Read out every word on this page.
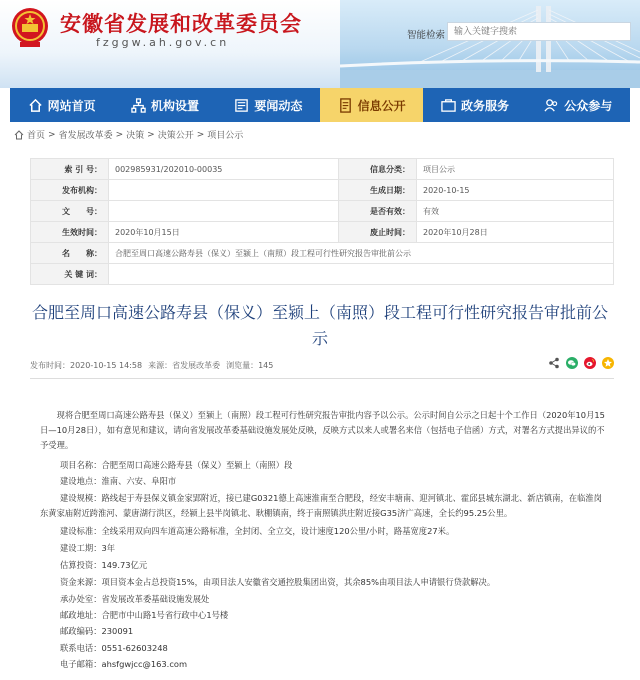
安徽省发展和改革委员会
fzggw.ah.gov.cn
智能检索
输入关键字搜索
网站首页	机构设置	要闻动态	信息公开	政务服务	公众参与
首页 > 省发展改革委 > 决策 > 决策公开 > 项目公示
索 引 号：	002985931/202010-00035	信息分类：	项目公示
发布机构：		生成日期：	2020-10-15
文　　号：		是否有效：	有效
生效时间：	2020年10月15日	废止时间：	2020年10月28日
名　　称：	合肥至周口高速公路寿县（保义）至颍上（南照）段工程可行性研究报告审批前公示		
关 键 词：			
合肥至周口高速公路寿县（保义）至颍上（南照）段工程可行性研究报告审批前公示
发布时间：2020-10-15 14:58 来源：省发展改革委 浏览量：145
现将合肥至周口高速公路寿县（保义）至颍上（南照）段工程可行性研究报告审批内容予以公示。公示时间自公示之日起十个工作日（2020年10月15日—10月28日），如有意见和建议，请向省发展改革委基础设施发展处反映，反映方式以来人或署名来信（包括电子信函）方式，对署名方式提出异议的不予受理。
项目名称：合肥至周口高速公路寿县（保义）至颍上（南照）段
建设地点：淮南、六安、阜阳市
建设规模：路线起于寿县保义镇金家郢附近，接已建G0321德上高速淮南至合肥段，经安丰塘南、迎河镇北、霍邱县城东湖北、新店镇南，在临淮岗东黄家庙附近跨淮河、蒙唐湖行洪区，经颍上县半岗镇北、耿棚镇南，终于南照镇洪庄附近接G35济广高速，全长约95.25公里。
建设标准：全线采用双向四车道高速公路标准，全封闭、全立交，设计速度120公里/小时，路基宽度27米。
建设工期：3年
估算投资：149.73亿元
资金来源：项目资本金占总投资15%，由项目法人安徽省交通控股集团出资，其余85%由项目法人申请银行贷款解决。
承办处室：省发展改革委基础设施发展处
邮政地址：合肥市中山路1号省行政中心1号楼
邮政编码：230091
联系电话：0551-62603248
电子邮箱：ahsfgwjcc@163.com
